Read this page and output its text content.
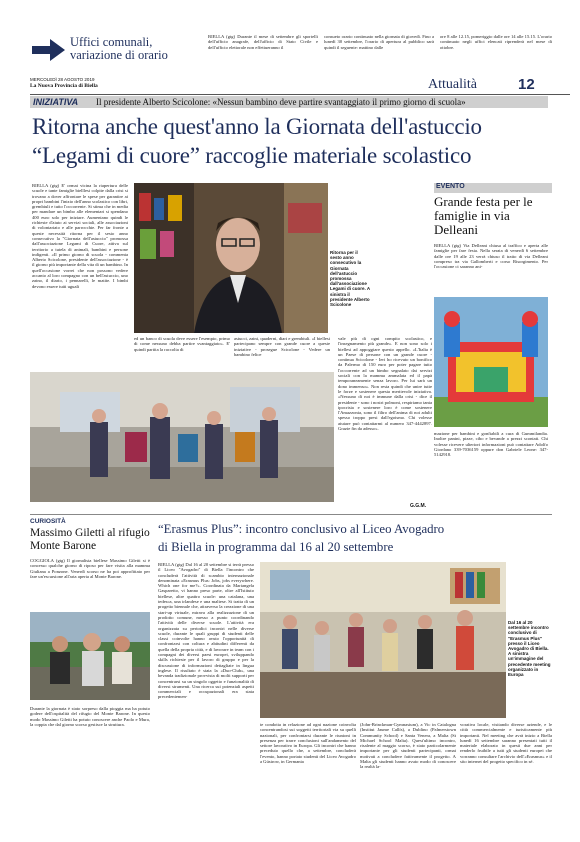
Uffici comunali,
variazione di orario
BIELLA (gtg) Durante il mese di settembre gli sportelli dell'ufficio anagrafe, dell'ufficio di Stato Civile e dell'ufficio elettorale non effettueranno il
consueto orario continuato nella giornata di giovedì. Fino a lunedì 30 settembre, l'orario di apertura al pubblico sarà quindi il seguente: mattino dalle
ore 8 alle 12.15, pomeriggio dalle ore 14 alle 15.15. L'orario continuato negli uffici elencati riprenderà nel mese di ottobre.
MERCOLEDÌ 28 AGOSTO 2019
La Nuova Provincia di Biella	Attualità	12
INIZIATIVA Il presidente Alberto Scicolone: «Nessun bambino deve partire svantaggiato il primo giorno di scuola»
Ritorna anche quest'anno la Giornata dell'astuccio
“Legami di cuore” raccoglie materiale scolastico
BIELLA (gtg) E' ormai vicina la riapertura delle scuole e tante famiglie bielllesi colpite dalla crisi si trovano a dover affrontare le spese per garantire ai propri bambini l'inizio dell'anno scolastico con libri, grembiuli e tutto l'occorrente. Si stima che in media per mandare un bimbo alle elementari si spendano 400 euro solo per iniziare. Aumentano quindi le richieste d'aiuto ai servizi sociali, alle associazioni di volontariato e alle parrocchie. Per far fronte a queste necessità ritorna per il sesto anno consecutivo la "Giornata dell'astuccio" promossa dall'associazione Legami di Cuore, attiva sul territorio a tutela di animali, bambini e persone indigenti. «Il primo giorno di scuola - commenta Alberto Scicolone, presidente dell'associazione - è il giorno più importante della vita di un bambino. In quell'occasione vorrei che non possono vedere accanto al loro compagno con un bell'astuccio, uno zaino, il diario, i pennarelli, le matite. I bimbi devono essere tutti uguali
Ritorna per il sesto anno consecutivo la Giornata dell'astuccio promossa dall'associazione Legami di cuore. A sinistra il presidente Alberto Scicolone
ed un banco di scuola deve essere l'esempio, primo di come nessuno debba partire svantaggiato». E' quindi partita la raccolta di
astucci, zaini, quaderni, diari e grembiuli. «I biellesi partecipano sempre con grande cuore a queste iniziative - prosegue Scicolone - Vedere un bambino felice
vale più di ogni compito scolastico, e l'insegnamento più grande». E non sono solo i biellesi ad appoggiare questo appello. «L'Italia è un Paese di persone con un grande cuore - continua Scicolone - Ieri ho ricevuto un bonifico da Palermo di 150 euro per poter pagare tutto l'occorrente ad un bimbo segnalato dai servizi sociali con la mamma ammalata ed il papà temporaneamente senza lavoro. Per lui sarà un dono immenso». Non resta quindi che unire tutte le forze e sostenere questa meritevole iniziativa. «Nessuno di noi è immune dalla crisi - dice il presidente - sono i nostri polmoni, respiriamo tanta ipocrisia e sostenere loro è come sostenere l'Amazzonia, sono il filtro dell'anima di noi adulti spesso troppo presi dall'egoismo. Chi volesse aiutare può contattarmi al numero 347-4442897. Grazie fin da adesso».
G.G.M.
EVENTO
Grande festa per le famiglie in via Delleani
BIELLA (gtg) Via Delleani chiusa al traffico e aperta alle famiglie per fare festa. Nella serata di venerdì 6 settembre dalle ore 19 alle 23 verrà chiuso il tratto di via Delleani compreso tra via Gallomberti e corso Risorgimento. Per l'occasione ci saranno ani-
mazione per bambini e gonfiabili a cura di Gummilandia. Inoltre panini, pizze, cibo e bevande a prezzi scontati. Chi volesse ricevere ulteriori informazioni può contattare Adolfo Giordano 339-7036159 oppure don Gabriele Leone: 347-5142918.
CURIOSITÀ
Massimo Giletti al rifugio Monte Barone
COGGIOLA (gtg) Il giornalista biellese Massimo Giletti si è concesso qualche giorno di riposo per fare visita alla mamma Giuliana a Ponzone. Venerdì scorso ne ha poi approfittato per fare un'escursione all'aria aperta al Monte Barone.
Durante la giornata è stato sorpreso dalla pioggia ma ha potuto godere dell'ospitalità del rifugio del Monte Barone. In questo modo Massimo Giletti ha potuto conoscere anche Paolo e Mura, la coppia che dal giorno scorso gestisce la struttura.
“Erasmus Plus”: incontro conclusivo al Liceo Avogadro
di Biella in programma dal 16 al 20 settembre
BIELLA (gtg) Dal 16 al 20 settembre si terrà presso il Liceo "Avogadro" di Biella l'incontro che concluderà l'attività di scambio internazionale denominata «Erasmus Plus: Jobs, jobs everywhere. Which one for me?». Coordinata da Mariangela Gasparetto, vi hanno preso parte, oltre all'Istituto biellese, altre quattro scuole: una catalana, una tedesca, una irlandese e una maltese. Si tratta di un progetto biennale che, attraverso la creazione di una start-up virtuale, mirava alla realizzazione di un prodotto comune, messo a punto coordinando l'attività delle diverse scuole. L'attività era organizzata su periodici incontri nelle diverse scuole, durante le quali gruppi di studenti delle classi coinvolte hanno avuto l'opportunità di confrontarsi con coltura e abitudini differenti da quella della propria città, e di lavorare in team con i compagni dei diversi paesi europei, sviluppando skills richieste per il lavoro di gruppo e per la discussione di informazioni dettagliate in lingua inglese. Il risultato è stata la «Duo-Club», una bevanda tradizionale provvista di molti supporti per concentrarsi su un singolo oggetto e funzionalità di diversi strumenti. Una ricerca sui potenziali aspetti commerciali e occupazionali era stata precedentemen-
Dal 16 al 20 settembre incontro conclusivo di "Erasmus Plus" presso il Liceo Avogadro di Biella. A sinistra un'immagine del precedente meeting organizzato in Europa
te condotta in relazione ad ogni nazione coinvolta concentrandosi sui soggetti territoriali via su quelli nazionali, per confrontarsi durante le riunioni in presenza per trarre conclusioni sull'andamento del settore lavorativo in Europa. Gli incontri che hanno preceduto quello che, a settembre, concluderà l'evento, hanno portato studenti del Liceo Avogadro a Güstrow, in Germania
(John-Brinckman-Gymnasium), a Vic in Catalogna (Institut Jaume Callís), a Dublino (Palmerstown Community School) e Santa Venera, a Malta (St Michael School Malta). Quest'ultimo incontro, risalente al maggio scorso, è stato particolarmente importante per gli studenti partecipanti, ormai motivati a concludere fattivamente il progetto. A Malta gli studenti hanno avuto modo di conoscere la realtà la-
vorativa locale, visitando diverse aziende, e le città commercialmente e turisticamente più importanti. Nel meeting che avrà inizio a Biella lunedì 16 settembre saranno presentati tutti il materiale elaborato in questi due anni per renderlo fruibile a tutti gli studenti europei che vorranno consultare l'archivio dell'«Erasmus» e il sito internet del progetto specifico in sé.
